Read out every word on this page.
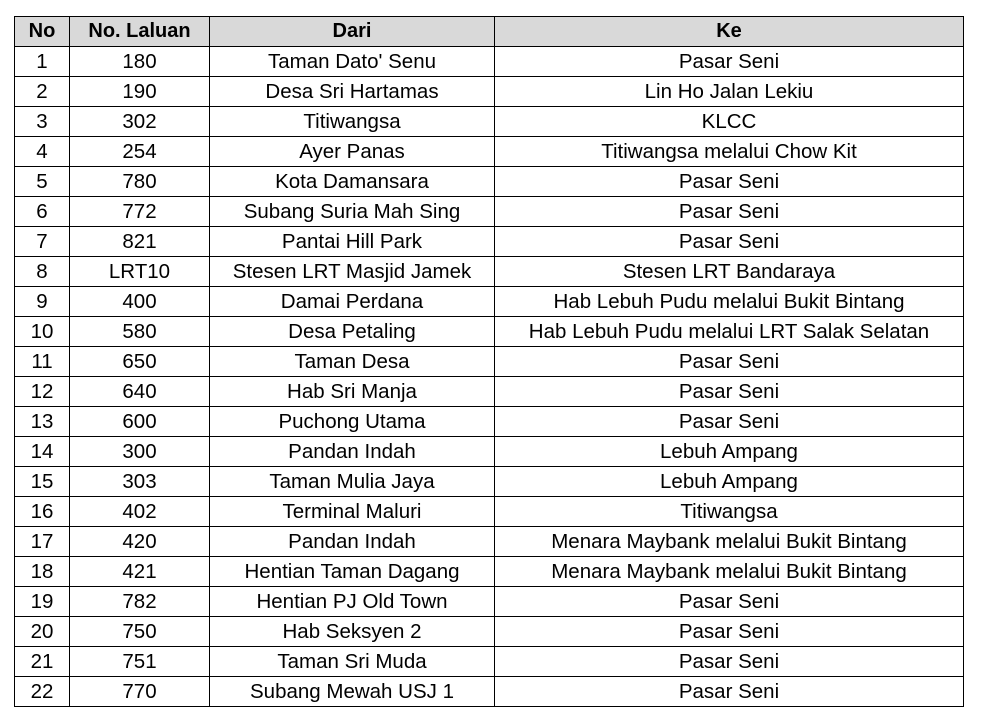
No	No. Laluan	Dari	Ke
1	180	Taman Dato' Senu	Pasar Seni
2	190	Desa Sri Hartamas	Lin Ho Jalan Lekiu
3	302	Titiwangsa	KLCC
4	254	Ayer Panas	Titiwangsa melalui Chow Kit
5	780	Kota Damansara	Pasar Seni
6	772	Subang Suria Mah Sing	Pasar Seni
7	821	Pantai Hill Park	Pasar Seni
8	LRT10	Stesen LRT Masjid Jamek	Stesen LRT Bandaraya
9	400	Damai Perdana	Hab Lebuh Pudu melalui Bukit Bintang
10	580	Desa Petaling	Hab Lebuh Pudu melalui LRT Salak Selatan
11	650	Taman Desa	Pasar Seni
12	640	Hab Sri Manja	Pasar Seni
13	600	Puchong Utama	Pasar Seni
14	300	Pandan Indah	Lebuh Ampang
15	303	Taman Mulia Jaya	Lebuh Ampang
16	402	Terminal Maluri	Titiwangsa
17	420	Pandan Indah	Menara Maybank melalui Bukit Bintang
18	421	Hentian Taman Dagang	Menara Maybank melalui Bukit Bintang
19	782	Hentian PJ Old Town	Pasar Seni
20	750	Hab Seksyen 2	Pasar Seni
21	751	Taman Sri Muda	Pasar Seni
22	770	Subang Mewah USJ 1	Pasar Seni
